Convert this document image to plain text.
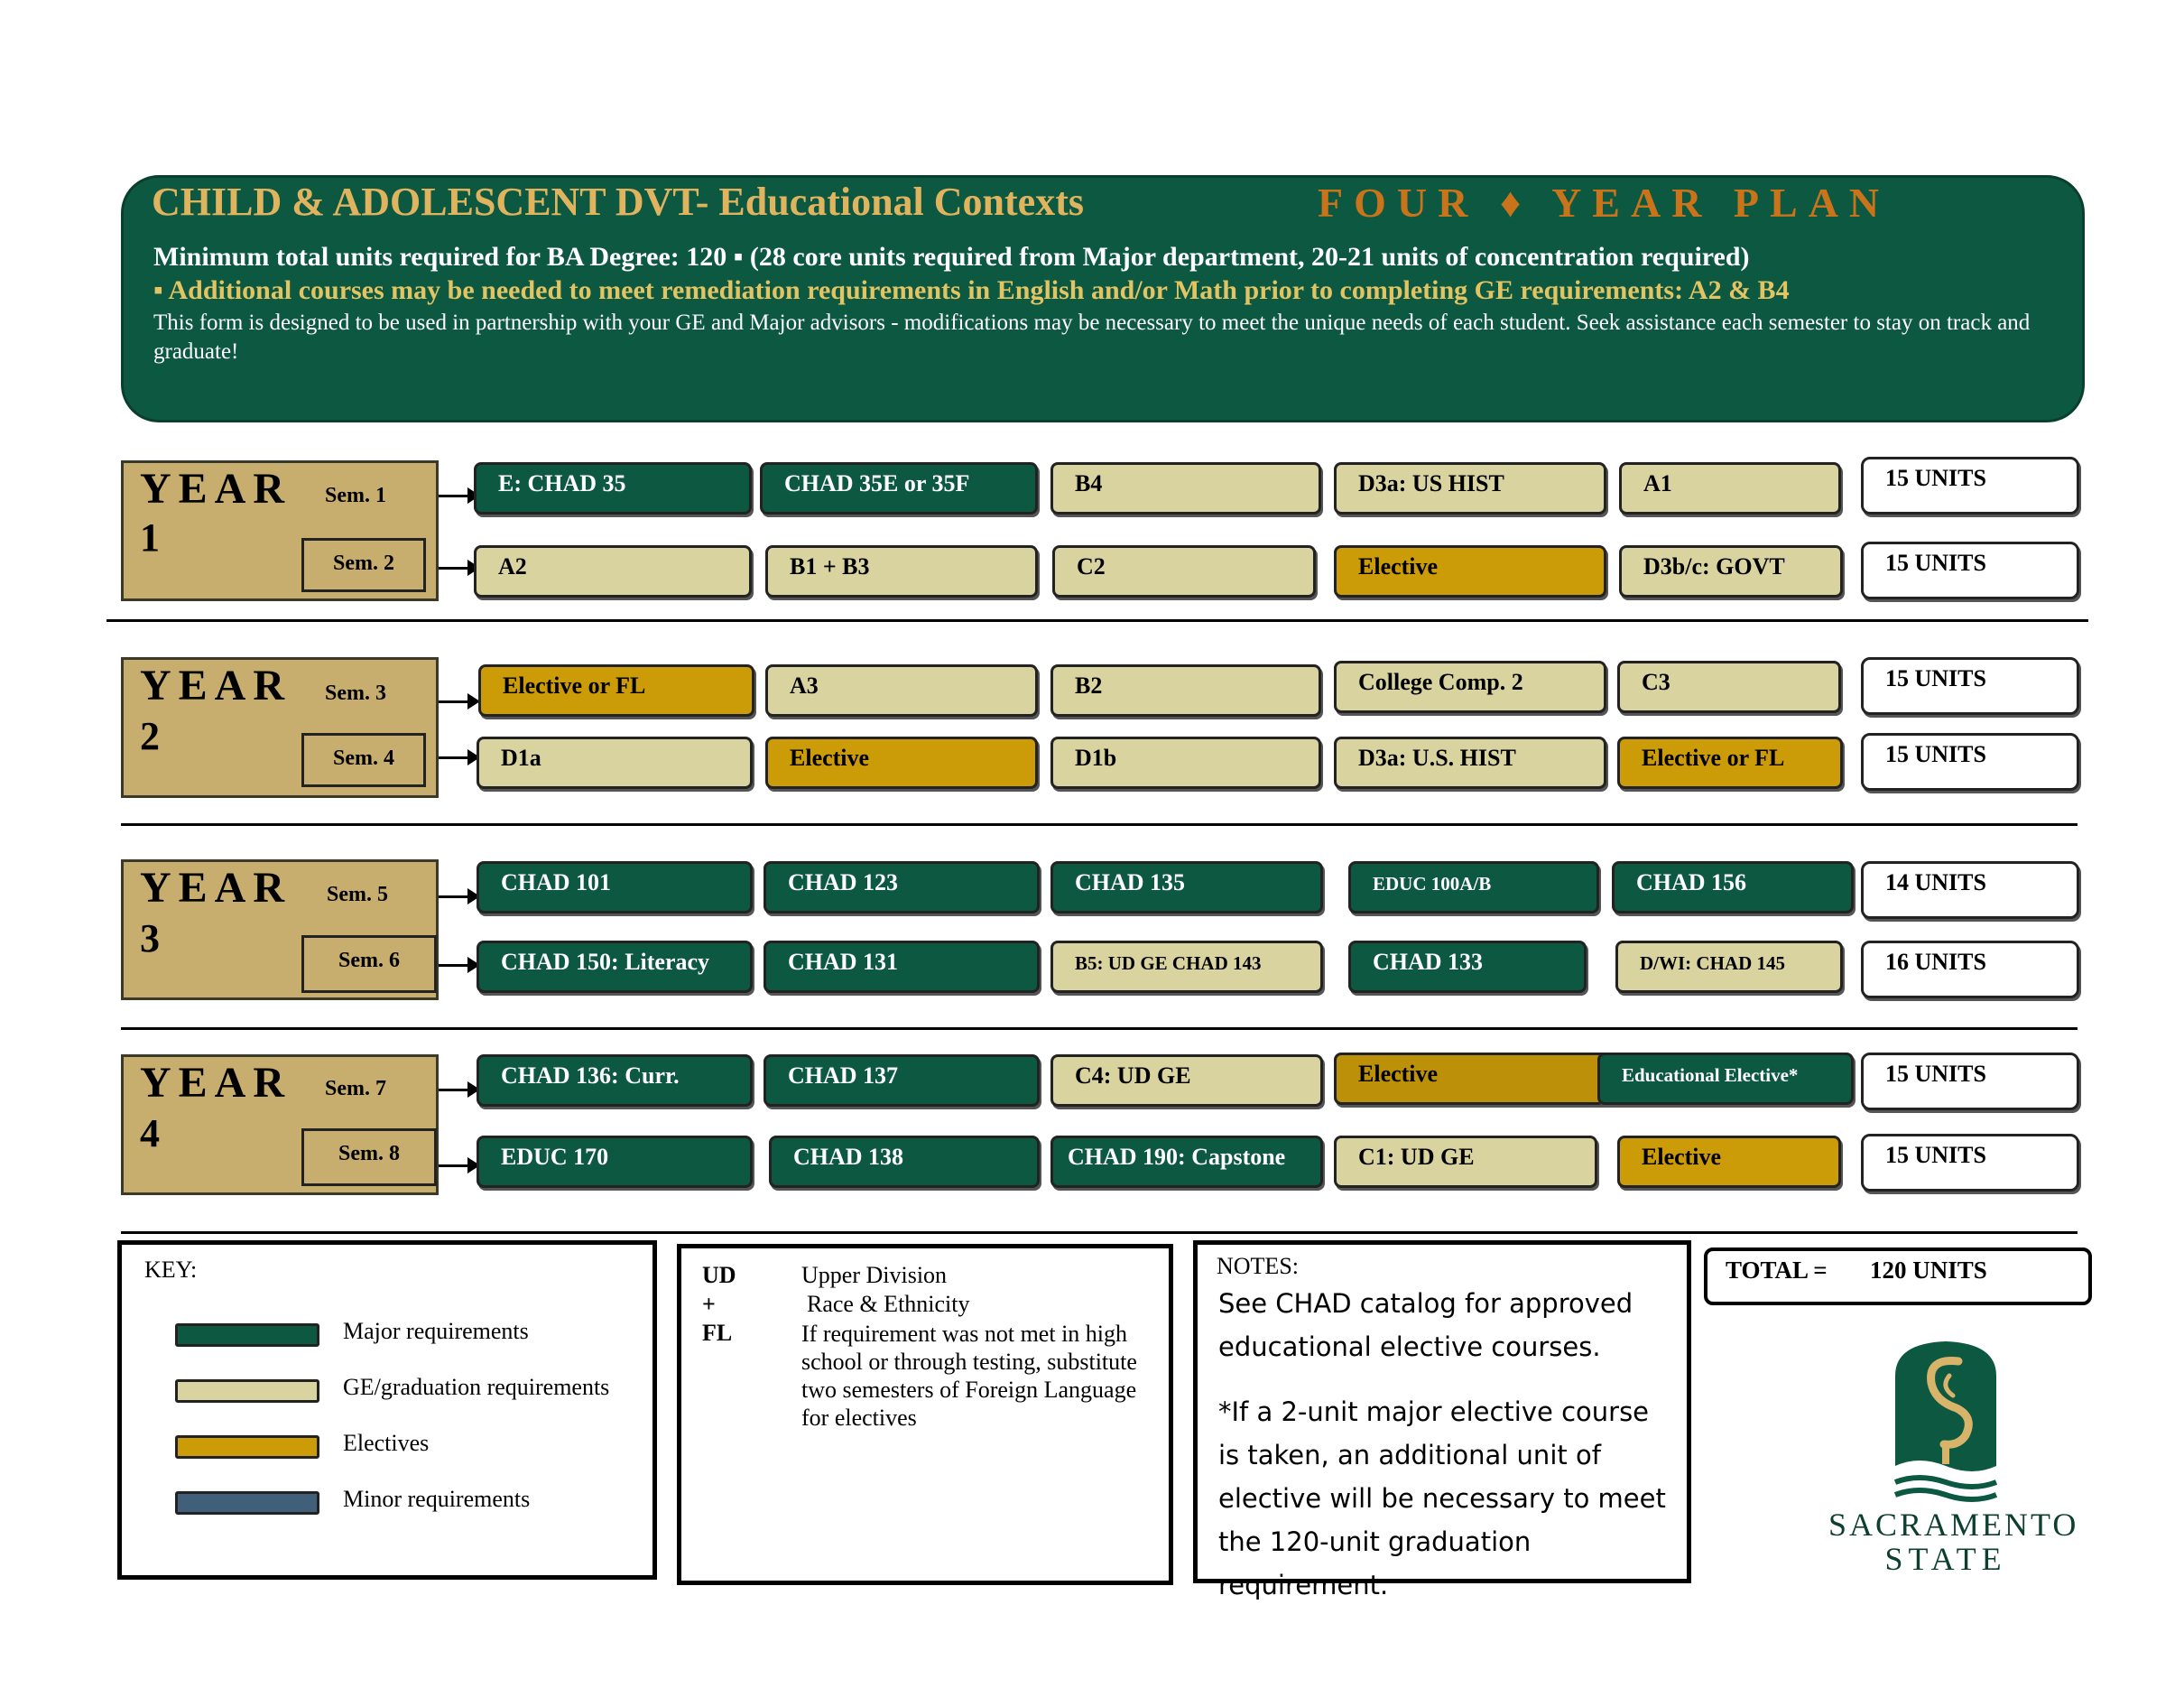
CHILD & ADOLESCENT DVT- Educational Contexts	FOUR ♦ YEAR PLAN
Minimum total units required for BA Degree: 120 ▪ (28 core units required from Major department, 20-21 units of concentration required)
▪ Additional courses may be needed to meet remediation requirements in English and/or Math prior to completing GE requirements: A2 & B4
This form is designed to be used in partnership with your GE and Major advisors - modifications may be necessary to meet the unique needs of each student. Seek assistance each semester to stay on track and graduate!
YEAR
1
Sem. 1
Sem. 2
E: CHAD 35	CHAD 35E or 35F	B4	D3a: US HIST	A1	15 UNITS
A2	B1 + B3	C2	Elective	D3b/c: GOVT	15 UNITS
YEAR
2
Sem. 3
Sem. 4
Elective or FL	A3	B2	College Comp. 2	C3	15 UNITS
D1a	Elective	D1b	D3a: U.S. HIST	Elective or FL	15 UNITS
YEAR
3
Sem. 5
Sem. 6
CHAD 101	CHAD 123	CHAD 135	EDUC 100A/B	CHAD 156	14 UNITS
CHAD 150: Literacy	CHAD 131	B5: UD GE CHAD 143	CHAD 133	D/WI: CHAD 145	16 UNITS
YEAR
4
Sem. 7
Sem. 8
CHAD 136: Curr.	CHAD 137	C4: UD GE	Elective	Educational Elective*	15 UNITS
EDUC 170	CHAD 138	CHAD 190: Capstone	C1: UD GE	Elective	15 UNITS
KEY:
Major requirements
GE/graduation requirements
Electives
Minor requirements
UD	Upper Division
+	Race & Ethnicity
FL	If requirement was not met in high school or through testing, substitute two semesters of Foreign Language for electives
NOTES:
See CHAD catalog for approved educational elective courses.
*If a 2-unit major elective course is taken, an additional unit of elective will be necessary to meet the 120-unit graduation requirement.
TOTAL = 120 UNITS
SACRAMENTO
STATE
